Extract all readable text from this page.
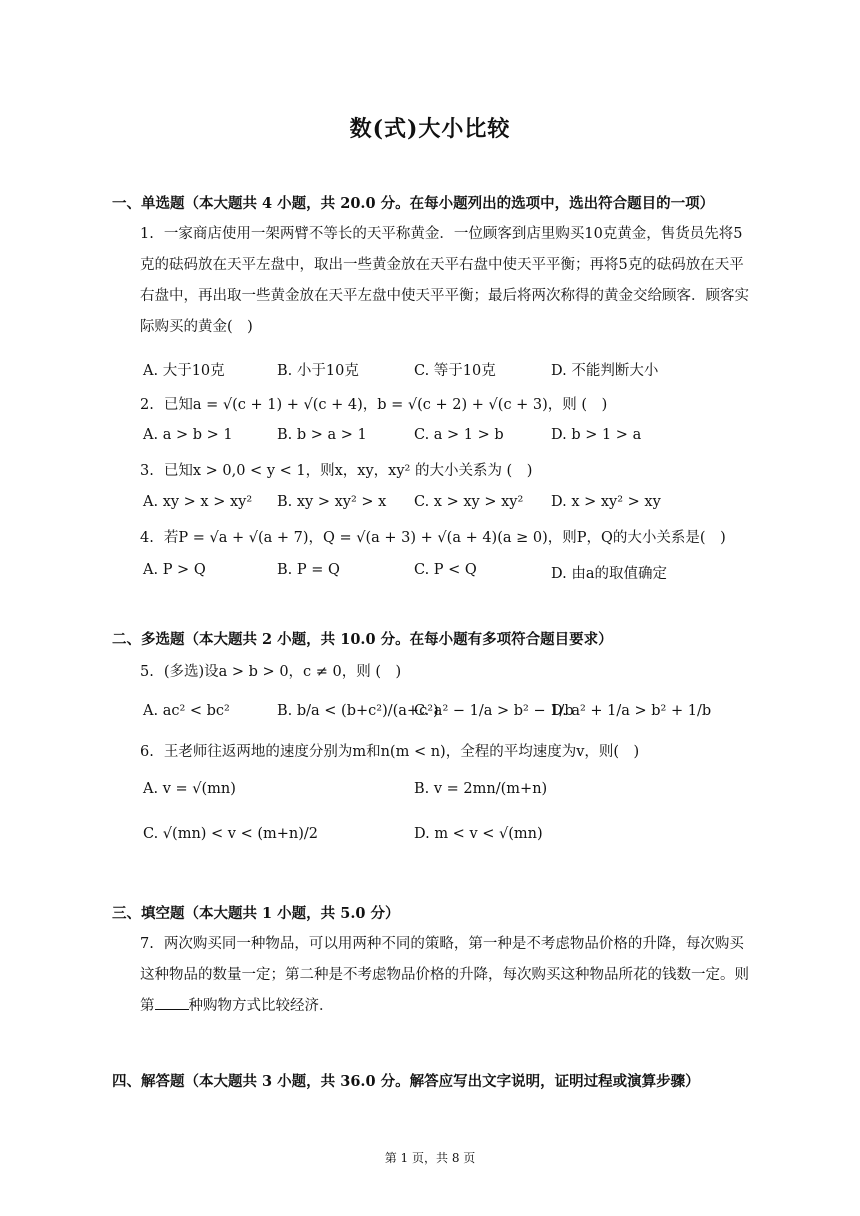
数(式)大小比较
一、单选题（本大题共 4 小题，共 20.0 分。在每小题列出的选项中，选出符合题目的一项）
1. 一家商店使用一架两臂不等长的天平称黄金．一位顾客到店里购买10克黄金，售货员先将5克的砝码放在天平左盘中，取出一些黄金放在天平右盘中使天平平衡；再将5克的砝码放在天平右盘中，再出取一些黄金放在天平左盘中使天平平衡；最后将两次称得的黄金交给顾客．顾客实际购买的黄金(　)
A. 大于10克	B. 小于10克	C. 等于10克	D. 不能判断大小
2. 已知a = √(c + 1) + √(c + 4)，b = √(c + 2) + √(c + 3)，则 (　)
A. a > b > 1	B. b > a > 1	C. a > 1 > b	D. b > 1 > a
3. 已知x > 0,0 < y < 1，则x，xy，xy² 的大小关系为 (　)
A. xy > x > xy² B. xy > xy² > x C. x > xy > xy² D. x > xy² > xy
4. 若P = √a + √(a + 7)，Q = √(a + 3) + √(a + 4)(a ≥ 0)，则P，Q的大小关系是(　)
A. P > Q	B. P = Q	C. P < Q	D. 由a的取值确定
二、多选题（本大题共 2 小题，共 10.0 分。在每小题有多项符合题目要求）
5. (多选)设a > b > 0，c ≠ 0，则 (　)
A. ac² < bc²	B. b/a < (b+c²)/(a+c²)
C. a² − 1/a > b² − 1/b
D. a² + 1/a > b² + 1/b
6. 王老师往返两地的速度分别为m和n(m < n)，全程的平均速度为v，则(　)
A. v = √(mn)	B. v = 2mn/(m+n)
C. √(mn) < v < (m+n)/2	D. m < v < √(mn)
三、填空题（本大题共 1 小题，共 5.0 分）
7. 两次购买同一种物品，可以用两种不同的策略，第一种是不考虑物品价格的升降，每次购买这种物品的数量一定；第二种是不考虑物品价格的升降，每次购买这种物品所花的钱数一定。则第 种购物方式比较经济．
四、解答题（本大题共 3 小题，共 36.0 分。解答应写出文字说明，证明过程或演算步骤）
第 1 页，共 8 页
